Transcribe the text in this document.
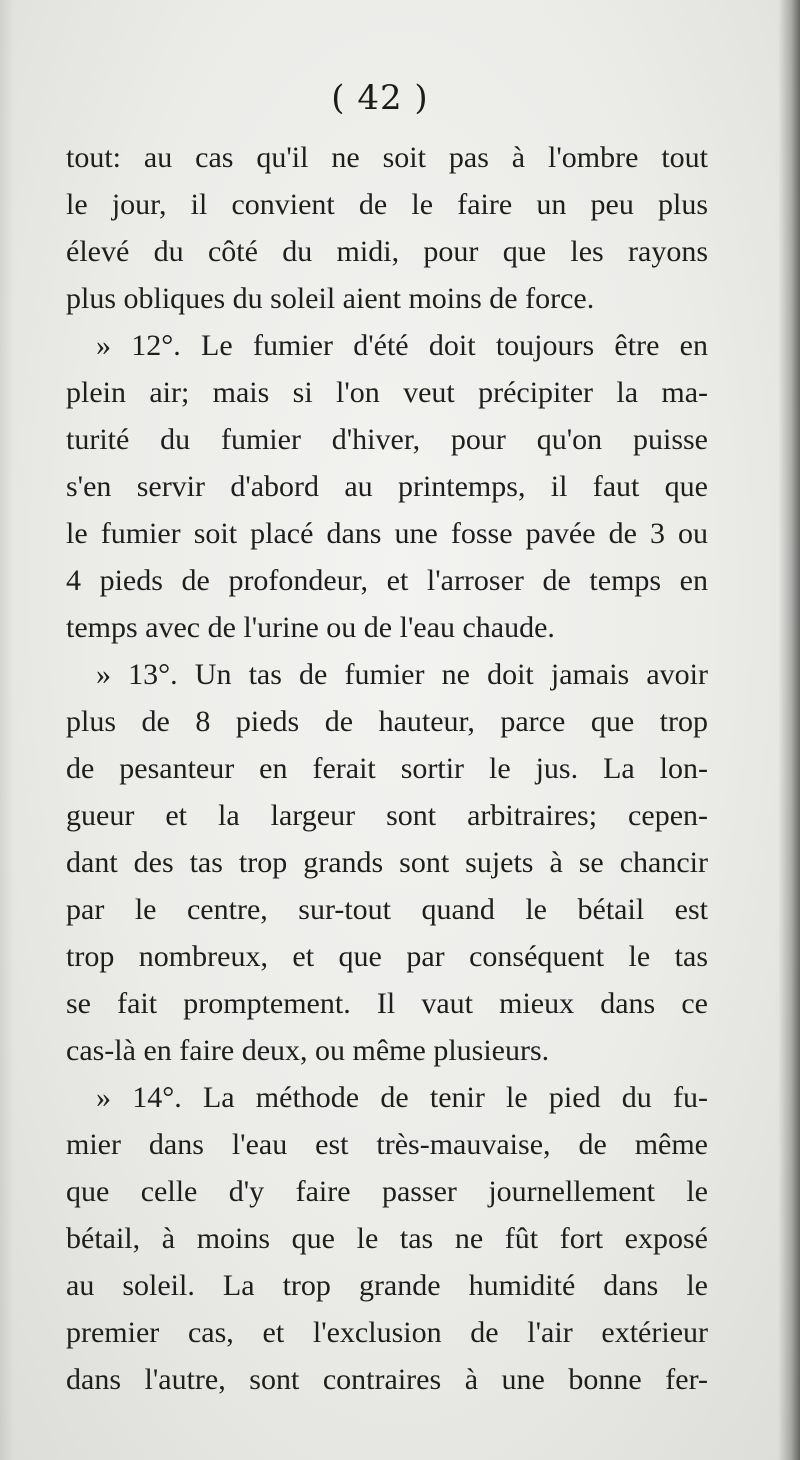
( 42 )
tout: au cas qu'il ne soit pas à l'ombre tout
le jour, il convient de le faire un peu plus
élevé du côté du midi, pour que les rayons
plus obliques du soleil aient moins de force.
» 12°. Le fumier d'été doit toujours être en
plein air; mais si l'on veut précipiter la ma-
turité du fumier d'hiver, pour qu'on puisse
s'en servir d'abord au printemps, il faut que
le fumier soit placé dans une fosse pavée de 3 ou
4 pieds de profondeur, et l'arroser de temps en
temps avec de l'urine ou de l'eau chaude.
» 13°. Un tas de fumier ne doit jamais avoir
plus de 8 pieds de hauteur, parce que trop
de pesanteur en ferait sortir le jus. La lon-
gueur et la largeur sont arbitraires; cepen-
dant des tas trop grands sont sujets à se chancir
par le centre, sur-tout quand le bétail est
trop nombreux, et que par conséquent le tas
se fait promptement. Il vaut mieux dans ce
cas-là en faire deux, ou même plusieurs.
» 14°. La méthode de tenir le pied du fu-
mier dans l'eau est très-mauvaise, de même
que celle d'y faire passer journellement le
bétail, à moins que le tas ne fût fort exposé
au soleil. La trop grande humidité dans le
premier cas, et l'exclusion de l'air extérieur
dans l'autre, sont contraires à une bonne fer-
